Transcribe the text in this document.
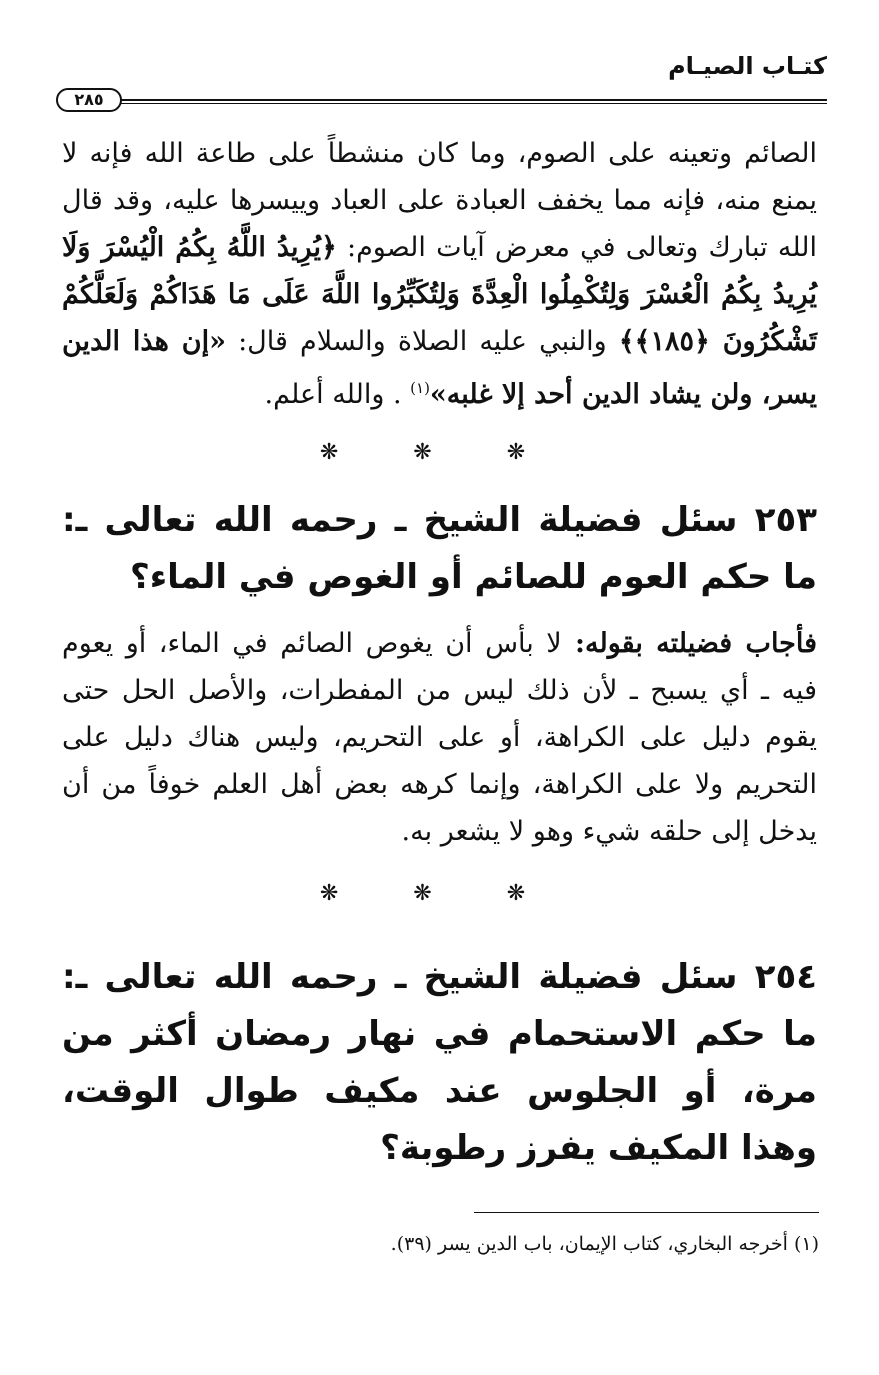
كتـاب الصيـام
٢٨٥

الصائم وتعينه على الصوم، وما كان منشطاً على طاعة الله فإنه لا يمنع منه، فإنه مما يخفف العبادة على العباد وييسرها عليه، وقد قال الله تبارك وتعالى في معرض آيات الصوم: ﴿يُرِيدُ اللَّهُ بِكُمُ الْيُسْرَ وَلَا يُرِيدُ بِكُمُ الْعُسْرَ وَلِتُكْمِلُوا الْعِدَّةَ وَلِتُكَبِّرُوا اللَّهَ عَلَى مَا هَدَاكُمْ وَلَعَلَّكُمْ تَشْكُرُونَ ﴿١٨٥﴾﴾ والنبي عليه الصلاة والسلام قال: «إن هذا الدين يسر، ولن يشاد الدين أحد إلا غلبه»$^{(١)}$ . والله أعلم.

❋ ❋ ❋

٢٥٣ سئل فضيلة الشيخ ـ رحمه الله تعالى ـ: ما حكم العوم للصائم أو الغوص في الماء؟

فأجاب فضيلته بقوله: لا بأس أن يغوص الصائم في الماء، أو يعوم فيه ـ أي يسبح ـ لأن ذلك ليس من المفطرات، والأصل الحل حتى يقوم دليل على الكراهة، أو على التحريم، وليس هناك دليل على التحريم ولا على الكراهة، وإنما كرهه بعض أهل العلم خوفاً من أن يدخل إلى حلقه شيء وهو لا يشعر به.

❋ ❋ ❋

٢٥٤ سئل فضيلة الشيخ ـ رحمه الله تعالى ـ: ما حكم الاستحمام في نهار رمضان أكثر من مرة، أو الجلوس عند مكيف طوال الوقت، وهذا المكيف يفرز رطوبة؟

(١) أخرجه البخاري، كتاب الإيمان، باب الدين يسر (٣٩).
